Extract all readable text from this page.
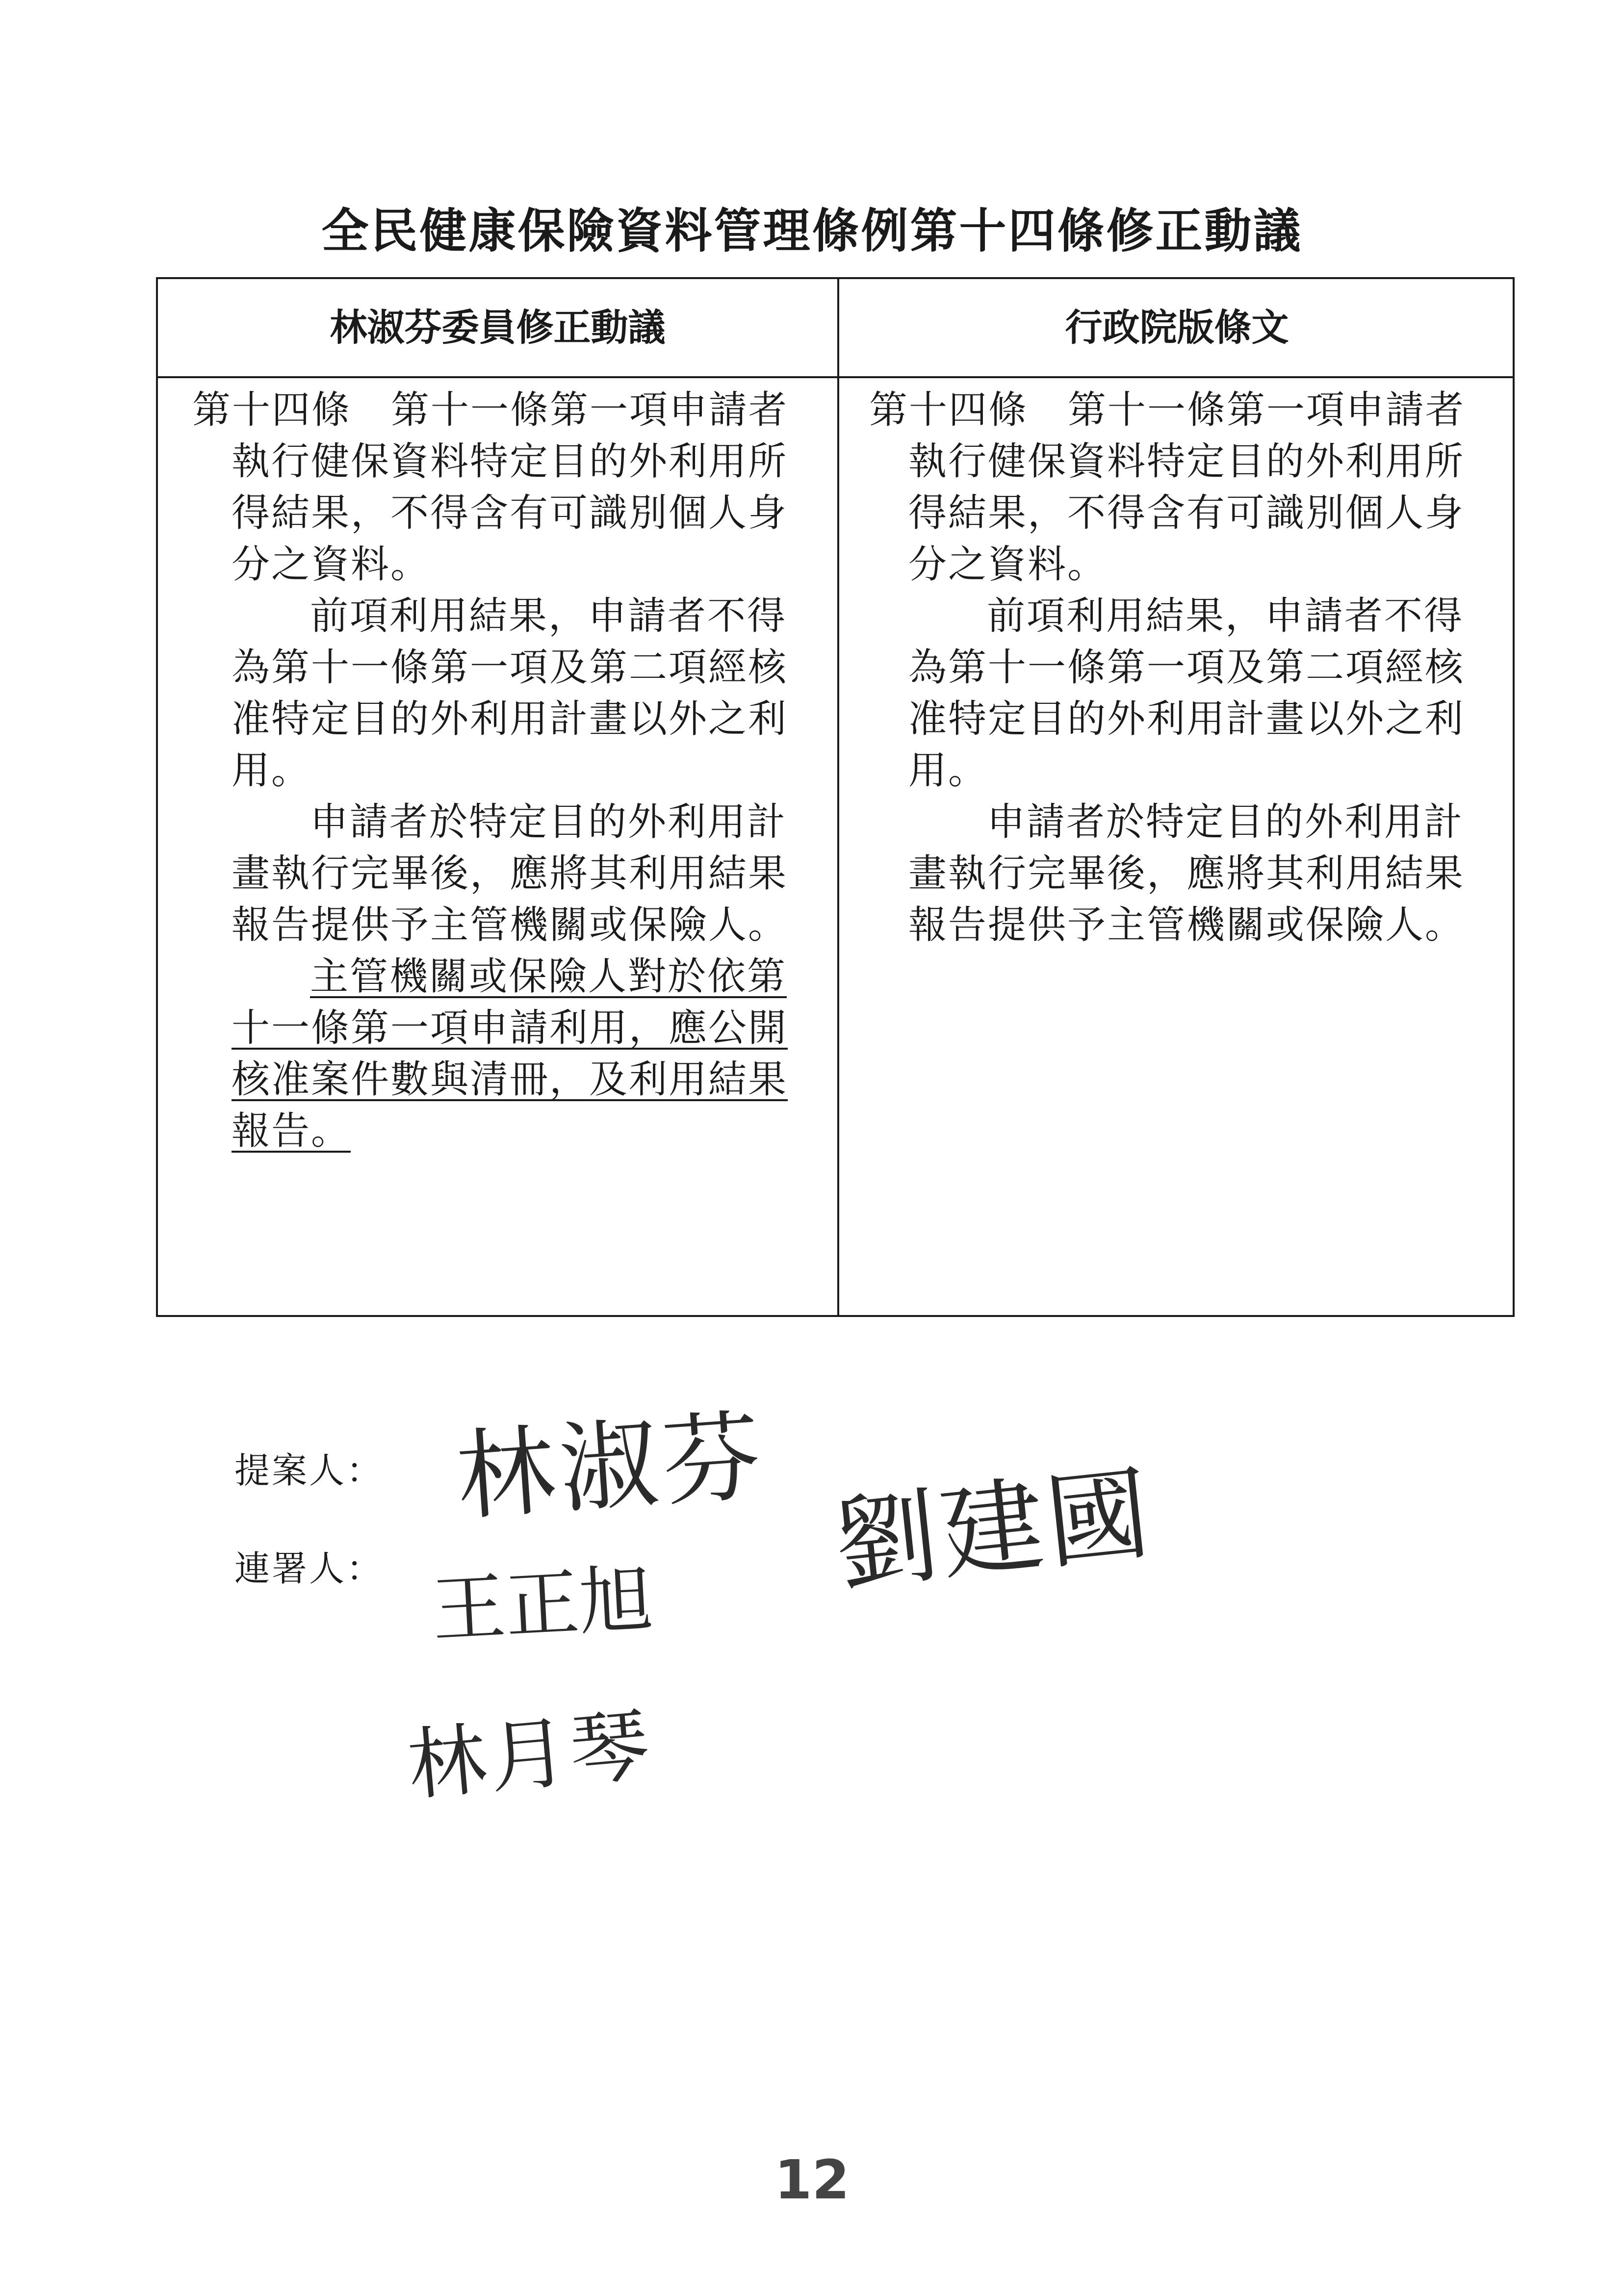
全民健康保險資料管理條例第十四條修正動議
林淑芬委員修正動議	行政院版條文

第十四條　第十一條第一項申請者執行健保資料特定目的外利用所得結果，不得含有可識別個人身分之資料。

前項利用結果，申請者不得為第十一條第一項及第二項經核准特定目的外利用計畫以外之利用。

申請者於特定目的外利用計畫執行完畢後，應將其利用結果報告提供予主管機關或保險人。

主管機關或保險人對於依第十一條第一項申請利用，應公開核准案件數與清冊，及利用結果報告。

第十四條　第十一條第一項申請者執行健保資料特定目的外利用所得結果，不得含有可識別個人身分之資料。

前項利用結果，申請者不得為第十一條第一項及第二項經核准特定目的外利用計畫以外之利用。

申請者於特定目的外利用計畫執行完畢後，應將其利用結果報告提供予主管機關或保險人。

提案人：
連署人：
林淑芬
王正旭 劉建國
林月琴
12
